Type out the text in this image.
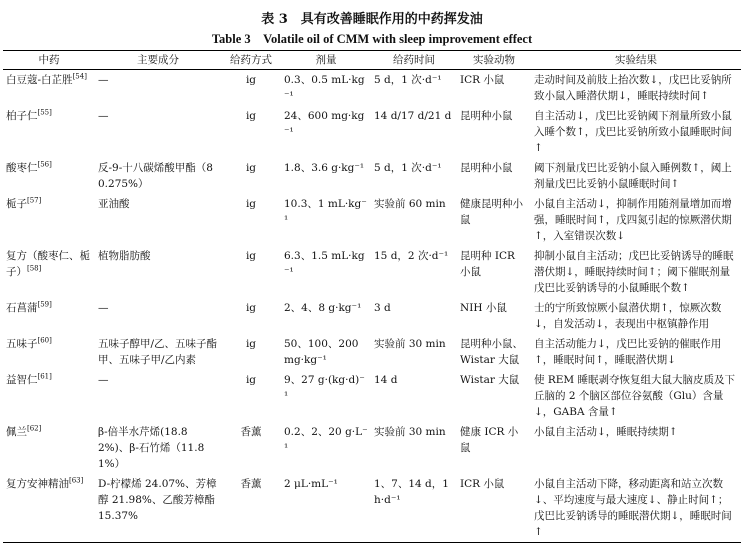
表 3　具有改善睡眠作用的中药挥发油
Table 3　Volatile oil of CMM with sleep improvement effect
中药	主要成分	给药方式	剂量	给药时间	实验动物	实验结果
白豆蔻-白芷胜[54]	—	ig	0.3、0.5 mL·kg⁻¹	5 d，1 次·d⁻¹	ICR 小鼠	走动时间及前肢上抬次数↓，戊巴比妥钠所致小鼠入睡潜伏期↓，睡眠持续时间↑
柏子仁[55]	—	ig	24、600 mg·kg⁻¹	14 d/17 d/21 d	昆明种小鼠	自主活动↓，戊巴比妥钠阈下剂量所致小鼠入睡个数↑，戊巴比妥钠所致小鼠睡眠时间↑
酸枣仁[56]	反-9-十八碳烯酸甲酯（80.275%）	ig	1.8、3.6 g·kg⁻¹	5 d，1 次·d⁻¹	昆明种小鼠	阈下剂量戊巴比妥钠小鼠入睡例数↑，阈上剂量戊巴比妥钠小鼠睡眠时间↑
栀子[57]	亚油酸	ig	10.3、1 mL·kg⁻¹	实验前 60 min	健康昆明种小鼠	小鼠自主活动↓，抑制作用随剂量增加而增强，睡眠时间↑，戊四氮引起的惊厥潜伏期↑，入室错误次数↓
复方（酸枣仁、栀子）[58]	植物脂肪酸	ig	6.3、1.5 mL·kg⁻¹	15 d，2 次·d⁻¹	昆明种 ICR 小鼠	抑制小鼠自主活动；戊巴比妥钠诱导的睡眠潜伏期↓，睡眠持续时间↑；阈下催眠剂量戊巴比妥钠诱导的小鼠睡眠个数↑
石菖蒲[59]	—	ig	2、4、8 g·kg⁻¹	3 d	NIH 小鼠	士的宁所致惊厥小鼠潜伏期↑，惊厥次数↓，自发活动↓，表现出中枢镇静作用
五味子[60]	五味子醇甲/乙、五味子酯甲、五味子甲/乙内素	ig	50、100、200 mg·kg⁻¹	实验前 30 min	昆明种小鼠、Wistar 大鼠	自主活动能力↓，戊巴比妥钠的催眠作用↑，睡眠时间↑，睡眠潜伏期↓
益智仁[61]	—	ig	9、27 g·(kg·d)⁻¹	14 d	Wistar 大鼠	使 REM 睡眠剥夺恢复组大鼠大脑皮质及下丘脑的 2 个脑区部位谷氨酸（Glu）含量↓，GABA 含量↑
佩兰[62]	β-倍半水芹烯(18.82%)、β-石竹烯（11.81%）	香薰	0.2、2、20 g·L⁻¹	实验前 30 min	健康 ICR 小鼠	小鼠自主活动↓，睡眠持续期↑
复方安神精油[63]	D-柠檬烯 24.07%、芳樟醇 21.98%、乙酸芳樟酯 15.37%	香薰	2 μL·mL⁻¹	1、7、14 d，1 h·d⁻¹	ICR 小鼠	小鼠自主活动下降，移动距离和站立次数↓、平均速度与最大速度↓、静止时间↑；戊巴比妥钠诱导的睡眠潜伏期↓，睡眠时间↑
